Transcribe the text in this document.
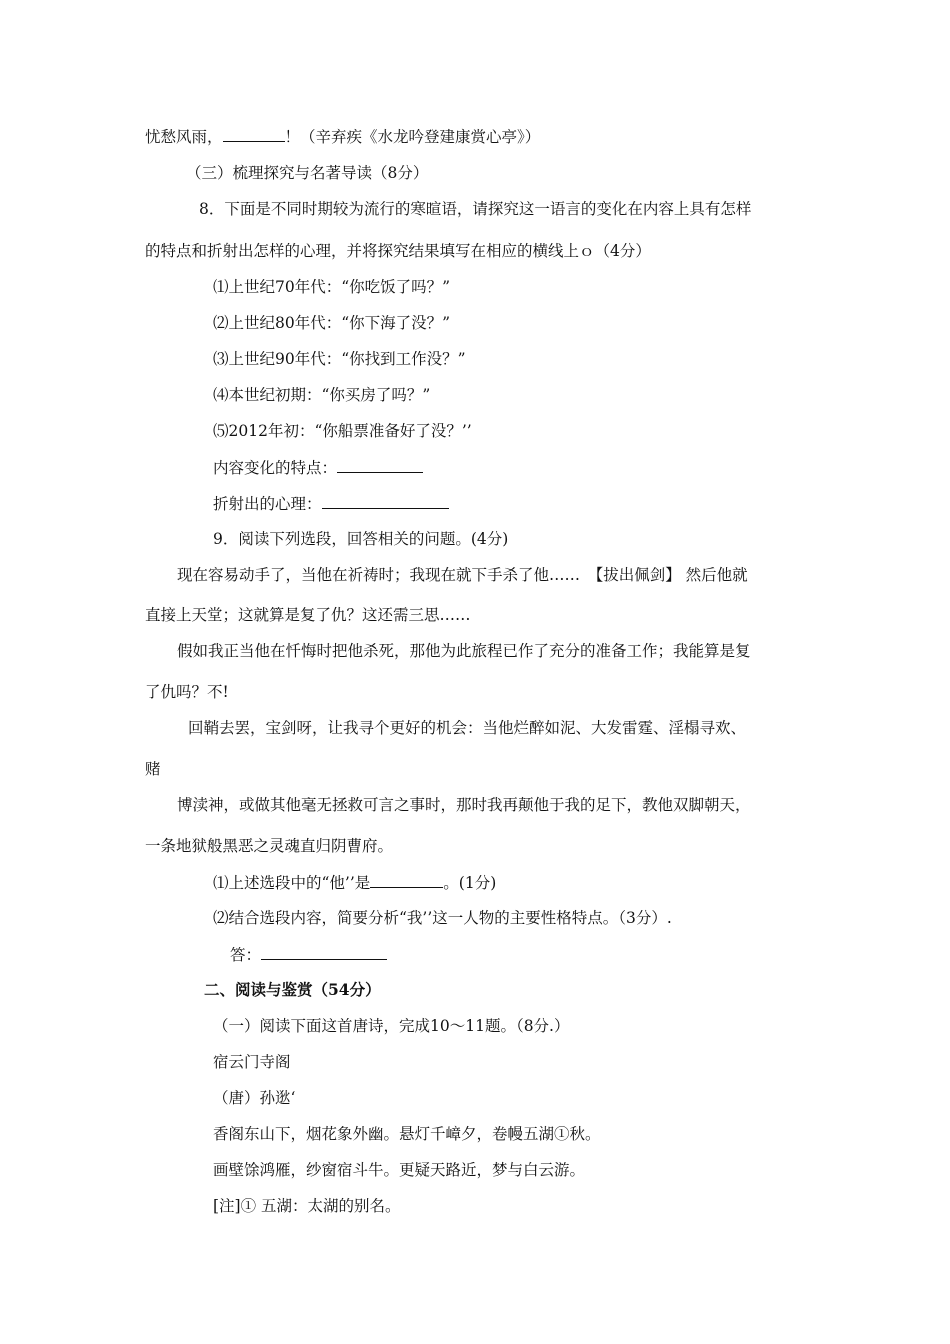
忧愁风雨，	！（辛弃疾《水龙吟登建康赏心亭》）
（三）梳理探究与名著导读（8分）
8．下面是不同时期较为流行的寒暄语，请探究这一语言的变化在内容上具有怎样
的特点和折射出怎样的心理，并将探究结果填写在相应的横线上ｏ（4分）
⑴上世纪70年代：“你吃饭了吗？”
⑵上世纪80年代：“你下海了没？”
⑶上世纪90年代：“你找到工作没？”
⑷本世纪初期：“你买房了吗？”
⑸2012年初：“你船票准备好了没？’’
内容变化的特点：
折射出的心理：
9．阅读下列选段，回答相关的问题。(4分)
现在容易动手了，当他在祈祷时；我现在就下手杀了他……　【拔出佩剑】 然后他就
直接上天堂；这就算是复了仇？这还需三思……
假如我正当他在忏悔时把他杀死，那他为此旅程已作了充分的准备工作；我能算是复
了仇吗？不!
回鞘去罢，宝剑呀，让我寻个更好的机会：当他烂醉如泥、大发雷霆、淫榻寻欢、
赌
博渎神，或做其他毫无拯救可言之事时，那时我再颠他于我的足下，教他双脚朝天，
一条地狱般黑恶之灵魂直归阴曹府。
⑴上述选段中的“他’’是	。(1分)
⑵结合选段内容，简要分析“我’’这一人物的主要性格特点。（3分）.
答：
二、阅读与鉴赏（54分）
（一）阅读下面这首唐诗，完成10～11题。（8分.）
宿云门寺阁
（唐）孙逖‘
香阁东山下，烟花象外幽。悬灯千嶂夕，卷幔五湖①秋。
画壁馀鸿雁，纱窗宿斗牛。更疑天路近，梦与白云游。
[注]① 五湖：太湖的别名。
